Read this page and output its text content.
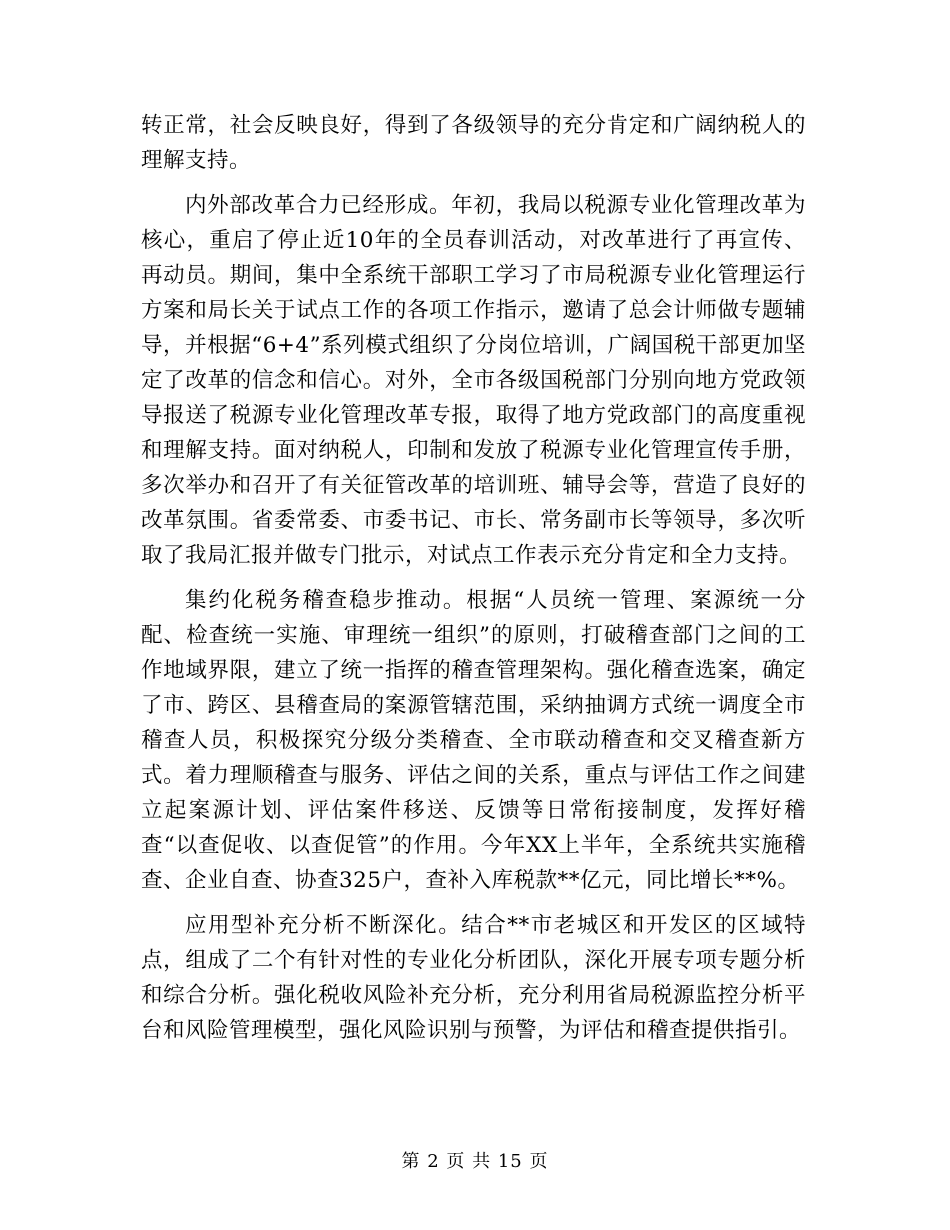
转正常，社会反映良好，得到了各级领导的充分肯定和广阔纳税人的理解支持。

内外部改革合力已经形成。年初，我局以税源专业化管理改革为核心，重启了停止近10年的全员春训活动，对改革进行了再宣传、再动员。期间，集中全系统干部职工学习了市局税源专业化管理运行方案和局长关于试点工作的各项工作指示，邀请了总会计师做专题辅导，并根据“6+4”系列模式组织了分岗位培训，广阔国税干部更加坚定了改革的信念和信心。对外，全市各级国税部门分别向地方党政领导报送了税源专业化管理改革专报，取得了地方党政部门的高度重视和理解支持。面对纳税人，印制和发放了税源专业化管理宣传手册，多次举办和召开了有关征管改革的培训班、辅导会等，营造了良好的改革氛围。省委常委、市委书记、市长、常务副市长等领导，多次听取了我局汇报并做专门批示，对试点工作表示充分肯定和全力支持。

集约化税务稽查稳步推动。根据“人员统一管理、案源统一分配、检查统一实施、审理统一组织”的原则，打破稽查部门之间的工作地域界限，建立了统一指挥的稽查管理架构。强化稽查选案，确定了市、跨区、县稽查局的案源管辖范围，采纳抽调方式统一调度全市稽查人员，积极探究分级分类稽查、全市联动稽查和交叉稽查新方式。着力理顺稽查与服务、评估之间的关系，重点与评估工作之间建立起案源计划、评估案件移送、反馈等日常衔接制度，发挥好稽查“以查促收、以查促管”的作用。今年XX上半年，全系统共实施稽查、企业自查、协查325户，查补入库税款**亿元，同比增长**%。

应用型补充分析不断深化。结合**市老城区和开发区的区域特点，组成了二个有针对性的专业化分析团队，深化开展专项专题分析和综合分析。强化税收风险补充分析，充分利用省局税源监控分析平台和风险管理模型，强化风险识别与预警，为评估和稽查提供指引。

第 2 页 共 15 页
